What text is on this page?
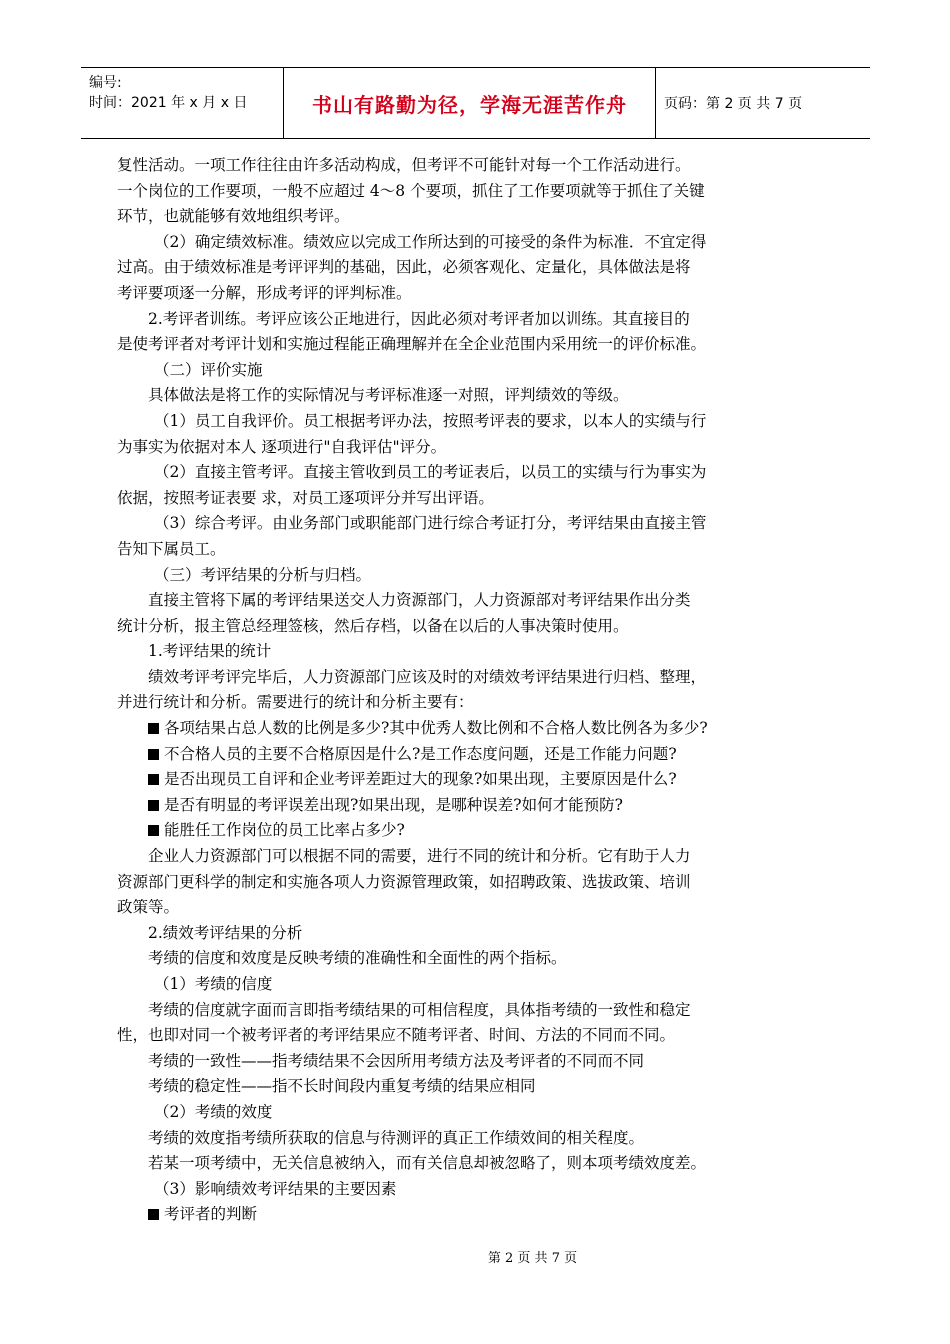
编号:
时间：2021 年 x 月 x 日	书山有路勤为径，学海无涯苦作舟	页码：第 2 页 共 7 页
复性活动。一项工作往往由许多活动构成，但考评不可能针对每一个工作活动进行。
一个岗位的工作要项，一般不应超过 4～8 个要项，抓住了工作要项就等于抓住了关键
环节，也就能够有效地组织考评。
（2）确定绩效标准。绩效应以完成工作所达到的可接受的条件为标准．不宜定得
过高。由于绩效标准是考评评判的基础，因此，必须客观化、定量化，具体做法是将
考评要项逐一分解，形成考评的评判标准。
2.考评者训练。考评应该公正地进行，因此必须对考评者加以训练。其直接目的
是使考评者对考评计划和实施过程能正确理解并在全企业范围内采用统一的评价标准。
（二）评价实施
具体做法是将工作的实际情况与考评标准逐一对照，评判绩效的等级。
（1）员工自我评价。员工根据考评办法，按照考评表的要求，以本人的实绩与行
为事实为依据对本人 逐项进行"自我评估"评分。
（2）直接主管考评。直接主管收到员工的考证表后，以员工的实绩与行为事实为
依据，按照考证表要 求，对员工逐项评分并写出评语。
（3）综合考评。由业务部门或职能部门进行综合考证打分，考评结果由直接主管
告知下属员工。
（三）考评结果的分析与归档。
直接主管将下属的考评结果送交人力资源部门，人力资源部对考评结果作出分类
统计分析，报主管总经理签核，然后存档，以备在以后的人事决策时使用。
1.考评结果的统计
绩效考评考评完毕后，人力资源部门应该及时的对绩效考评结果进行归档、整理，
并进行统计和分析。需要进行的统计和分析主要有：
各项结果占总人数的比例是多少?其中优秀人数比例和不合格人数比例各为多少?
不合格人员的主要不合格原因是什么?是工作态度问题，还是工作能力问题?
是否出现员工自评和企业考评差距过大的现象?如果出现，主要原因是什么?
是否有明显的考评误差出现?如果出现，是哪种误差?如何才能预防?
能胜任工作岗位的员工比率占多少?
企业人力资源部门可以根据不同的需要，进行不同的统计和分析。它有助于人力
资源部门更科学的制定和实施各项人力资源管理政策，如招聘政策、选拔政策、培训
政策等。
2.绩效考评结果的分析
考绩的信度和效度是反映考绩的准确性和全面性的两个指标。
（1）考绩的信度
考绩的信度就字面而言即指考绩结果的可相信程度，具体指考绩的一致性和稳定
性，也即对同一个被考评者的考评结果应不随考评者、时间、方法的不同而不同。
考绩的一致性——指考绩结果不会因所用考绩方法及考评者的不同而不同
考绩的稳定性——指不长时间段内重复考绩的结果应相同
（2）考绩的效度
考绩的效度指考绩所获取的信息与待测评的真正工作绩效间的相关程度。
若某一项考绩中，无关信息被纳入，而有关信息却被忽略了，则本项考绩效度差。
（3）影响绩效考评结果的主要因素
考评者的判断
第 2 页 共 7 页
